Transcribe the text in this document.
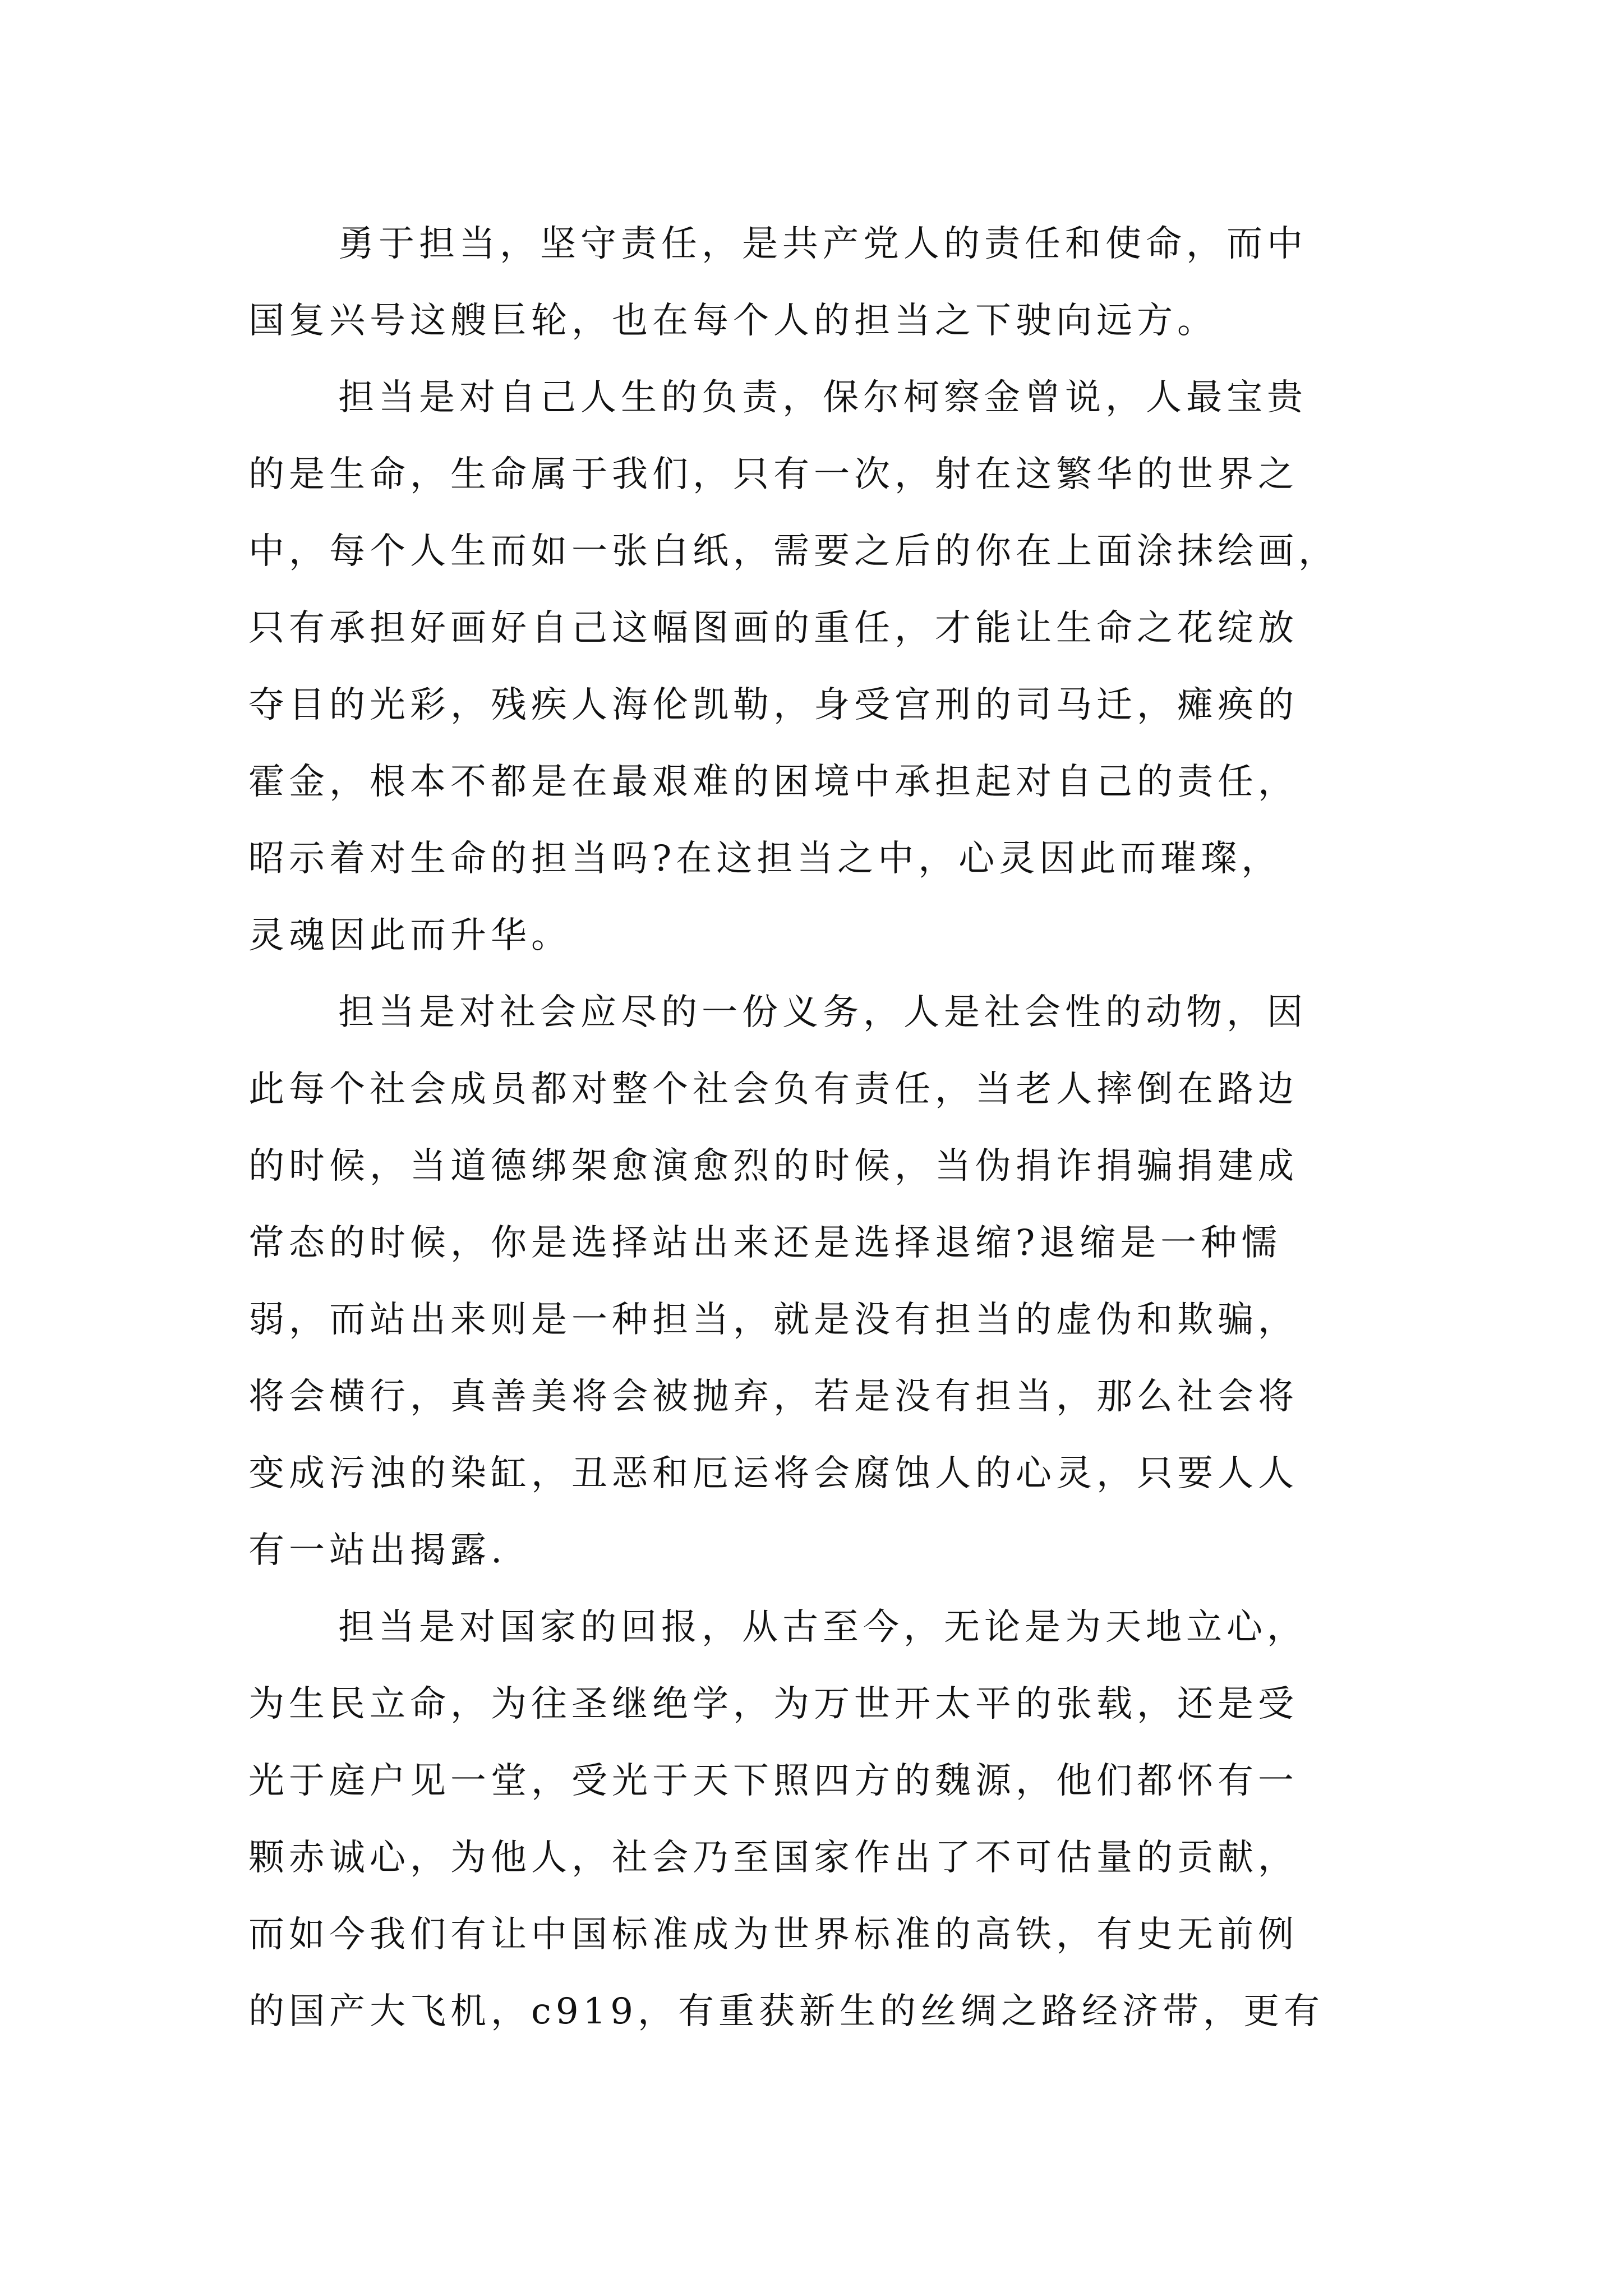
勇于担当，坚守责任，是共产党人的责任和使命，而中
国复兴号这艘巨轮，也在每个人的担当之下驶向远方。
担当是对自己人生的负责，保尔柯察金曾说，人最宝贵
的是生命，生命属于我们，只有一次，射在这繁华的世界之
中，每个人生而如一张白纸，需要之后的你在上面涂抹绘画，
只有承担好画好自己这幅图画的重任，才能让生命之花绽放
夺目的光彩，残疾人海伦凯勒，身受宫刑的司马迁，瘫痪的
霍金，根本不都是在最艰难的困境中承担起对自己的责任，
昭示着对生命的担当吗?在这担当之中，心灵因此而璀璨，
灵魂因此而升华。
担当是对社会应尽的一份义务，人是社会性的动物，因
此每个社会成员都对整个社会负有责任，当老人摔倒在路边
的时候，当道德绑架愈演愈烈的时候，当伪捐诈捐骗捐建成
常态的时候，你是选择站出来还是选择退缩?退缩是一种懦
弱，而站出来则是一种担当，就是没有担当的虚伪和欺骗，
将会横行，真善美将会被抛弃，若是没有担当，那么社会将
变成污浊的染缸，丑恶和厄运将会腐蚀人的心灵，只要人人
有一站出揭露.
担当是对国家的回报，从古至今，无论是为天地立心，
为生民立命，为往圣继绝学，为万世开太平的张载，还是受
光于庭户见一堂，受光于天下照四方的魏源，他们都怀有一
颗赤诚心，为他人，社会乃至国家作出了不可估量的贡献，
而如今我们有让中国标准成为世界标准的高铁，有史无前例
的国产大飞机，c919，有重获新生的丝绸之路经济带，更有
